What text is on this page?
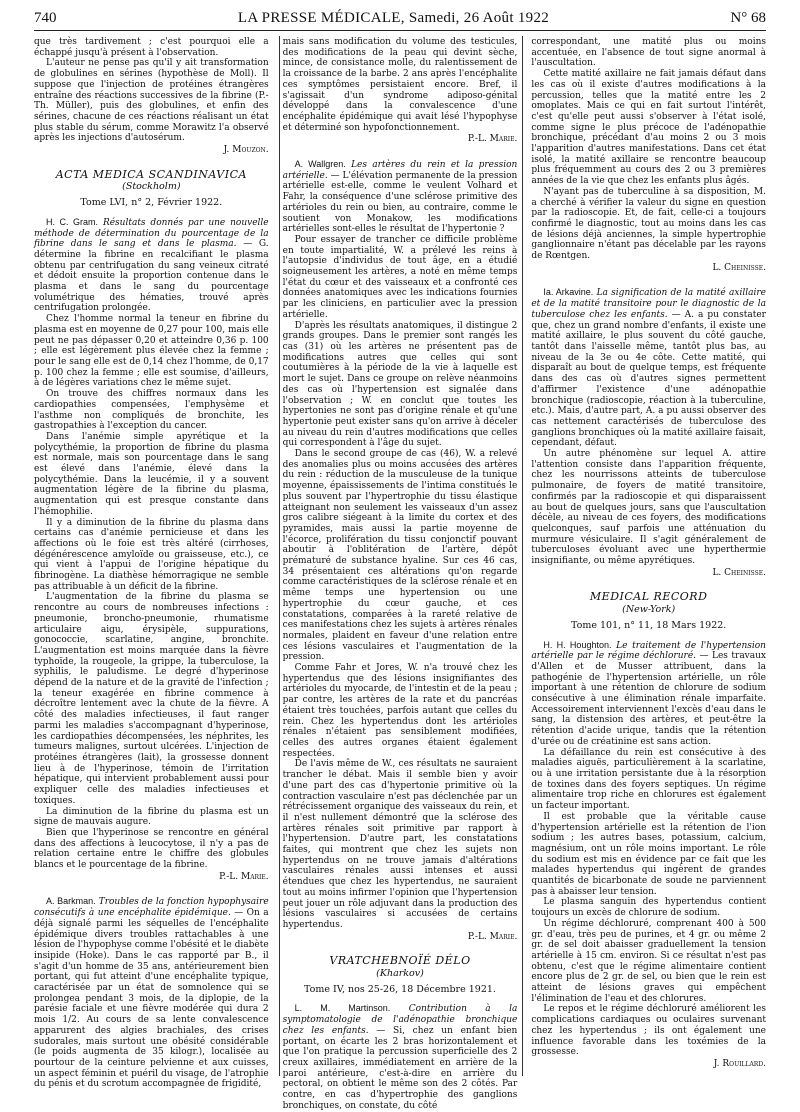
740	LA PRESSE MÉDICALE, Samedi, 26 Août 1922	N° 68

que très tardivement ; c'est pourquoi elle a échappé jusqu'à présent à l'observation.

L'auteur ne pense pas qu'il y ait transformation de globulines en sérines (hypothèse de Moll). Il suppose que l'injection de protéines étrangères entraîne des réactions successives de la fibrine (P.-Th. Müller), puis des globulines, et enfin des sérines, chacune de ces réactions réalisant un état plus stable du sérum, comme Morawitz l'a observé après les injections d'autosérum.

J. Mouzon.

ACTA MEDICA SCANDINAVICA
(Stockholm)
Tome LVI, n° 2, Février 1922.

H. C. Gram. Résultats donnés par une nouvelle méthode de détermination du pourcentage de la fibrine dans le sang et dans le plasma. — G. détermine la fibrine en recalcifiant le plasma obtenu par centrifugation du sang veineux citraté et dédoit ensuite la proportion contenue dans le plasma et dans le sang du pourcentage volumétrique des hématies, trouvé après centrifugation prolongée.

Chez l'homme normal la teneur en fibrine du plasma est en moyenne de 0,27 pour 100, mais elle peut ne pas dépasser 0,20 et atteindre 0,36 p. 100 ; elle est légèrement plus élevée chez la femme ; pour le sang elle est de 0,14 chez l'homme, de 0,17 p. 100 chez la femme ; elle est soumise, d'ailleurs, à de légères variations chez le même sujet.

On trouve des chiffres normaux dans les cardiopathies compensées, l'emphysème et l'asthme non compliqués de bronchite, les gastropathies à l'exception du cancer.

Dans l'anémie simple apyrétique et la polycythémie, la proportion de fibrine du plasma est normale, mais son pourcentage dans le sang est élevé dans l'anémie, élevé dans la polycythémie. Dans la leucémie, il y a souvent augmentation légère de la fibrine du plasma, augmentation qui est presque constante dans l'hémophilie.

Il y a diminution de la fibrine du plasma dans certains cas d'anémie pernicieuse et dans les affections où le foie est très altéré (cirrhoses, dégénérescence amyloïde ou graisseuse, etc.), ce qui vient à l'appui de l'origine hépatique du fibrinogène. La diathèse hémorragique ne semble pas attribuable à un déficit de la fibrine.

L'augmentation de la fibrine du plasma se rencontre au cours de nombreuses infections : pneumonie, broncho-pneumonie, rhumatisme articulaire aigu, érysipèle, suppurations, gonococcie, scarlatine, angine, bronchite. L'augmentation est moins marquée dans la fièvre typhoïde, la rougeole, la grippe, la tuberculose, la syphilis, le paludisme. Le degré d'hyperinose dépend de la nature et de la gravité de l'infection ; la teneur exagérée en fibrine commence à décroître lentement avec la chute de la fièvre. A côté des maladies infectieuses, il faut ranger parmi les maladies s'accompagnant d'hyperinose, les cardiopathies décompensées, les néphrites, les tumeurs malignes, surtout ulcérées. L'injection de protéines étrangères (lait), la grossesse donnent lieu à de l'hyperinose, témoin de l'irritation hépatique, qui intervient probablement aussi pour expliquer celle des maladies infectieuses et toxiques.

La diminution de la fibrine du plasma est un signe de mauvais augure.

Bien que l'hyperinose se rencontre en général dans des affections à leucocytose, il n'y a pas de relation certaine entre le chiffre des globules blancs et le pourcentage de la fibrine.

P.-L. Marie.

A. Barkman. Troubles de la fonction hypophysaire consécutifs à une encéphalite épidémique. — On a déjà signalé parmi les séquelles de l'encéphalite épidémique divers troubles rattachables à une lésion de l'hypophyse comme l'obésité et le diabète insipide (Hoke). Dans le cas rapporté par B., il s'agit d'un homme de 35 ans, antérieurement bien portant, qui fut atteint d'une encéphalite typique, caractérisée par un état de somnolence qui se prolongea pendant 3 mois, de la diplopie, de la parésie faciale et une fièvre modérée qui dura 2 mois 1/2. Au cours de sa lente convalescence apparurent des algies brachiales, des crises sudorales, mais surtout une obésité considérable (le poids augmenta de 35 kilogr.), localisée au pourtour de la ceinture pelvienne et aux cuisses, un aspect féminin et puéril du visage, de l'atrophie du pénis et du scrotum accompagnée de frigidité,

mais sans modification du volume des testicules, des modifications de la peau qui devint sèche, mince, de consistance molle, du ralentissement de la croissance de la barbe. 2 ans après l'encéphalite ces symptômes persistaient encore. Bref, il s'agissait d'un syndrome adiposo-génital développé dans la convalescence d'une encéphalite épidémique qui avait lésé l'hypophyse et déterminé son hypofonctionnement.

P.-L. Marie.

A. Wallgren. Les artères du rein et la pression artérielle. — L'élévation permanente de la pression artérielle est-elle, comme le veulent Volhard et Fahr, la conséquence d'une sclérose primitive des artérioles du rein ou bien, au contraire, comme le soutient von Monakow, les modifications artérielles sont-elles le résultat de l'hypertonie ?

Pour essayer de trancher ce difficile problème en toute impartialité, W. a prélevé les reins à l'autopsie d'individus de tout âge, en a étudié soigneusement les artères, a noté en même temps l'état du cœur et des vaisseaux et a confronté ces données anatomiques avec les indications fournies par les cliniciens, en particulier avec la pression artérielle.

D'après les résultats anatomiques, il distingue 2 grands groupes. Dans le premier sont rangés les cas (31) où les artères ne présentent pas de modifications autres que celles qui sont coutumières à la période de la vie à laquelle est mort le sujet. Dans ce groupe on relève néanmoins des cas où l'hypertension est signalée dans l'observation ; W. en conclut que toutes les hypertonies ne sont pas d'origine rénale et qu'une hypertonie peut exister sans qu'on arrive à déceler au niveau du rein d'autres modifications que celles qui correspondent à l'âge du sujet.

Dans le second groupe de cas (46), W. a relevé des anomalies plus ou moins accusées des artères du rein : réduction de la musculeuse de la tunique moyenne, épaississements de l'intima constitués le plus souvent par l'hypertrophie du tissu élastique atteignant non seulement les vaisseaux d'un assez gros calibre siégeant à la limite du cortex et des pyramides, mais aussi la partie moyenne de l'écorce, prolifération du tissu conjonctif pouvant aboutir à l'oblitération de l'artère, dépôt prématuré de substance hyaline. Sur ces 46 cas, 34 présentaient ces altérations qu'on regarde comme caractéristiques de la sclérose rénale et en même temps une hypertension ou une hypertrophie du cœur gauche, et ces constatations, comparées à la rareté relative de ces manifestations chez les sujets à artères rénales normales, plaident en faveur d'une relation entre ces lésions vasculaires et l'augmentation de la pression.

Comme Fahr et Jores, W. n'a trouvé chez les hypertendus que des lésions insignifiantes des artérioles du myocarde, de l'intestin et de la peau ; par contre, les artères de la rate et du pancréas étaient très touchées, parfois autant que celles du rein. Chez les hypertendus dont les artérioles rénales n'étaient pas sensiblement modifiées, celles des autres organes étaient également respectées.

De l'avis même de W., ces résultats ne sauraient trancher le débat. Mais il semble bien y avoir d'une part des cas d'hypertonie primitive où la contraction vasculaire n'est pas déclenchée par un rétrécissement organique des vaisseaux du rein, et il n'est nullement démontré que la sclérose des artères rénales soit primitive par rapport à l'hypertension. D'autre part, les constatations faites, qui montrent que chez les sujets non hypertendus on ne trouve jamais d'altérations vasculaires rénales aussi intenses et aussi étendues que chez les hypertendus, ne sauraient tout au moins infirmer l'opinion que l'hypertension peut jouer un rôle adjuvant dans la production des lésions vasculaires si accusées de certains hypertendus.

P.-L. Marie.

VRATCHEBNOÏÉ DÉLO
(Kharkov)
Tome IV, nos 25-26, 18 Décembre 1921.

L. M. Martinson. Contribution à la symptomatologie de l'adénopathie bronchique chez les enfants. — Si, chez un enfant bien portant, on écarte les 2 bras horizontalement et que l'on pratique la percussion superficielle des 2 creux axillaires, immédiatement en arrière de la paroi antérieure, c'est-à-dire en arrière du pectoral, on obtient le même son des 2 côtés. Par contre, en cas d'hypertrophie des ganglions bronchiques, on constate, du côté

correspondant, une matité plus ou moins accentuée, en l'absence de tout signe anormal à l'auscultation.

Cette matité axillaire ne fait jamais défaut dans les cas où il existe d'autres modifications à la percussion, telles que la matité entre les 2 omoplates. Mais ce qui en fait surtout l'intérêt, c'est qu'elle peut aussi s'observer à l'état isolé, comme signe le plus précoce de l'adénopathie bronchique, précédant d'au moins 2 ou 3 mois l'apparition d'autres manifestations. Dans cet état isolé, la matité axillaire se rencontre beaucoup plus fréquemment au cours des 2 ou 3 premières années de la vie que chez les enfants plus âgés.

N'ayant pas de tuberculine à sa disposition, M. a cherché à vérifier la valeur du signe en question par la radioscopie. Et, de fait, celle-ci a toujours confirmé le diagnostic, tout au moins dans les cas de lésions déjà anciennes, la simple hypertrophie ganglionnaire n'étant pas décelable par les rayons de Rœntgen.

L. Cheinisse.

Ia. Arkavine. La signification de la matité axillaire et de la matité transitoire pour le diagnostic de la tuberculose chez les enfants. — A. a pu constater que, chez un grand nombre d'enfants, il existe une matité axillaire, le plus souvent du côté gauche, tantôt dans l'aisselle même, tantôt plus bas, au niveau de la 3e ou 4e côte. Cette matité, qui disparaît au bout de quelque temps, est fréquente dans des cas où d'autres signes permettent d'affirmer l'existence d'une adénopathie bronchique (radioscopie, réaction à la tuberculine, etc.). Mais, d'autre part, A. a pu aussi observer des cas nettement caractérisés de tuberculose des ganglions bronchiques où la matité axillaire faisait, cependant, défaut.

Un autre phénomène sur lequel A. attire l'attention consiste dans l'apparition fréquente, chez les nourrissons atteints de tuberculose pulmonaire, de foyers de matité transitoire, confirmés par la radioscopie et qui disparaissent au bout de quelques jours, sans que l'auscultation décèle, au niveau de ces foyers, des modifications quelconques, sauf parfois une atténuation du murmure vésiculaire. Il s'agit généralement de tuberculoses évoluant avec une hyperthermie insignifiante, ou même apyrétiques.

L. Cheinisse.

MEDICAL RECORD
(New-York)
Tome 101, n° 11, 18 Mars 1922.

H. H. Houghton. Le traitement de l'hypertension artérielle par le régime déchloruré. — Les travaux d'Allen et de Musser attribuent, dans la pathogénie de l'hypertension artérielle, un rôle important à une rétention de chlorure de sodium consécutive à une élimination rénale imparfaite. Accessoirement interviennent l'excès d'eau dans le sang, la distension des artères, et peut-être la rétention d'acide urique, tandis que la rétention d'urée ou de créatinine est sans action.

La défaillance du rein est consécutive à des maladies aiguës, particulièrement à la scarlatine, ou à une irritation persistante due à la résorption de toxines dans des foyers septiques. Un régime alimentaire trop riche en chlorures est également un facteur important.

Il est probable que la véritable cause d'hypertension artérielle est la rétention de l'ion sodium ; les autres bases, potassium, calcium, magnésium, ont un rôle moins important. Le rôle du sodium est mis en évidence par ce fait que les malades hypertendus qui ingèrent de grandes quantités de bicarbonate de soude ne parviennent pas à abaisser leur tension.

Le plasma sanguin des hypertendus contient toujours un excès de chlorure de sodium.

Un régime déchloruré, comprenant 400 à 500 gr. d'eau, très peu de purines, et 4 gr. ou même 2 gr. de sel doit abaisser graduellement la tension artérielle à 15 cm. environ. Si ce résultat n'est pas obtenu, c'est que le régime alimentaire contient encore plus de 2 gr. de sel, ou bien que le rein est atteint de lésions graves qui empêchent l'élimination de l'eau et des chlorures.

Le repos et le régime déchloruré améliorent les complications cardiaques ou oculaires survenant chez les hypertendus ; ils ont également une influence favorable dans les toxémies de la grossesse.

J. Rouillard.
